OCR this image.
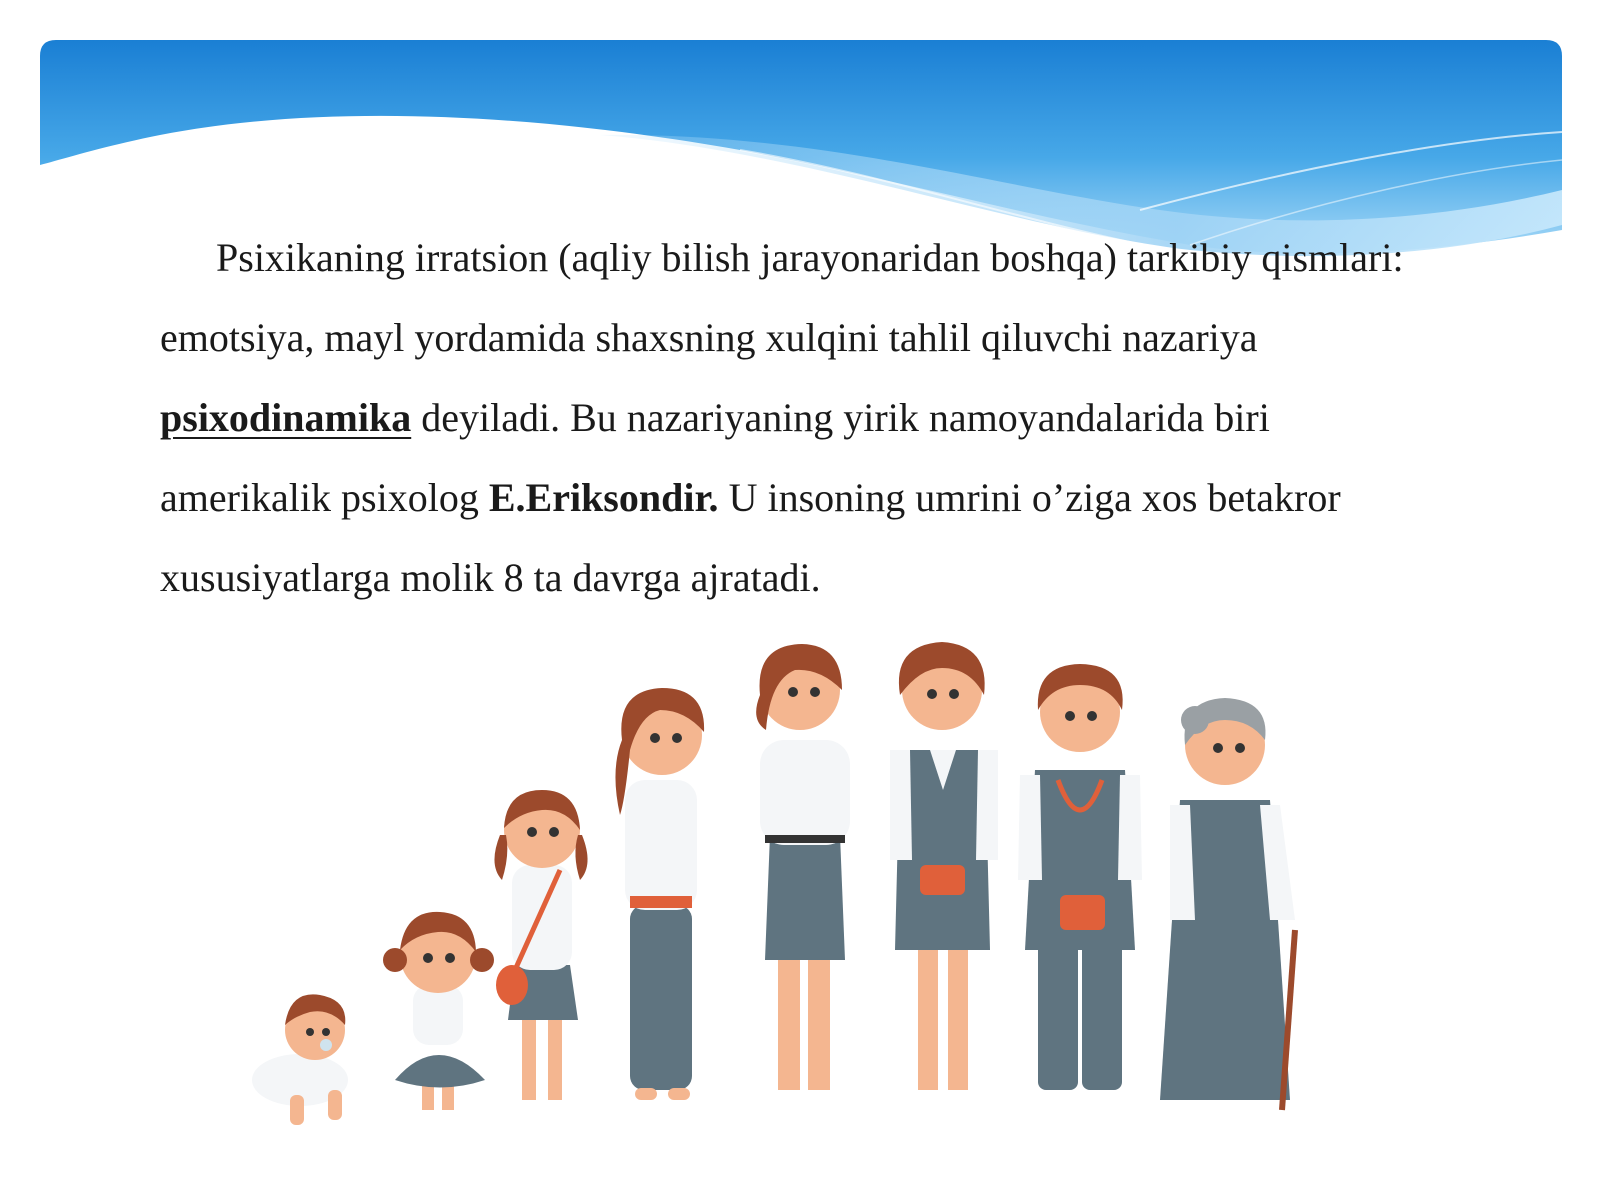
Psixikaning irratsion (aqliy bilish jarayonaridan boshqa) tarkibiy qismlari: emotsiya, mayl yordamida shaxsning xulqini tahlil qiluvchi nazariya psixodinamika deyiladi. Bu nazariyaning yirik namoyandalarida biri amerikalik psixolog E.Eriksondir. U insoning umrini o’ziga xos betakror xususiyatlarga molik 8 ta davrga ajratadi.
